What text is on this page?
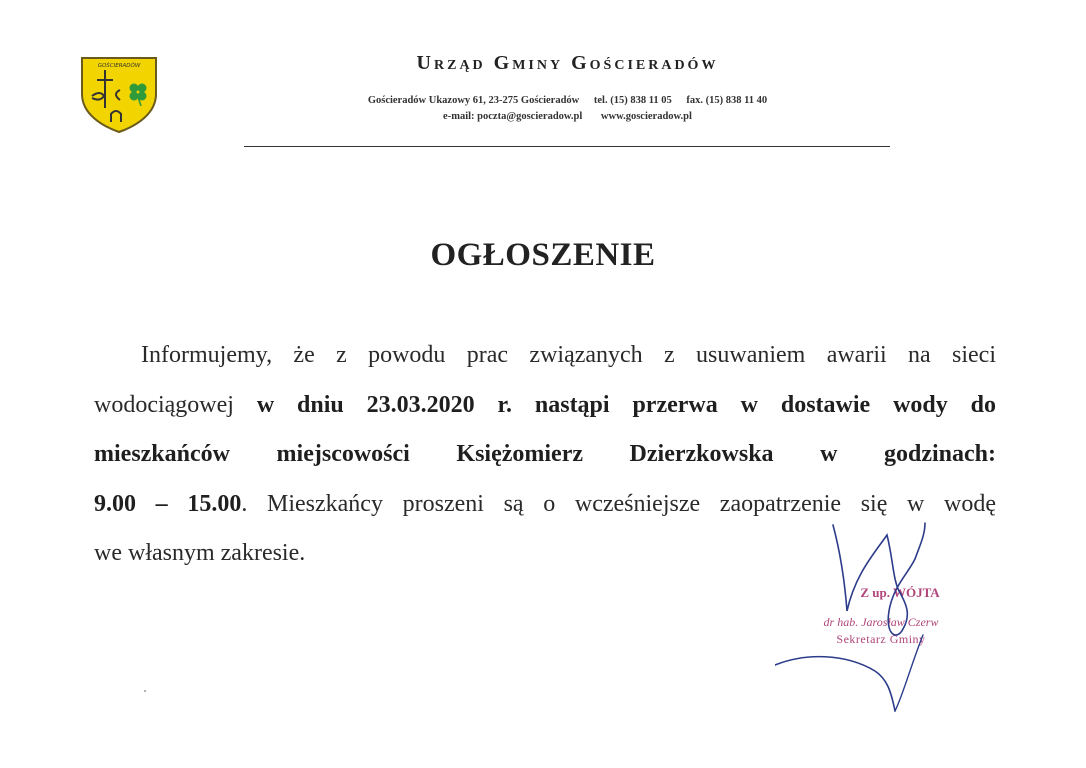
GOŚCIERADÓW	Urząd Gminy Gościeradów
Gościeradów Ukazowy 61, 23-275 Gościeradów tel. (15) 838 11 05 fax. (15) 838 11 40
e-mail: poczta@goscieradow.pl www.goscieradow.pl
OGŁOSZENIE
Informujemy, że z powodu prac związanych z usuwaniem awarii na sieci
wodociągowej w dniu 23.03.2020 r. nastąpi przerwa w dostawie wody do
mieszkańców miejscowości Księżomierz Dzierzkowska w godzinach:
9.00 – 15.00. Mieszkańcy proszeni są o wcześniejsze zaopatrzenie się w wodę
we własnym zakresie.
Z up. WÓJTA
dr hab. Jarosław Czerw
Sekretarz Gminy
